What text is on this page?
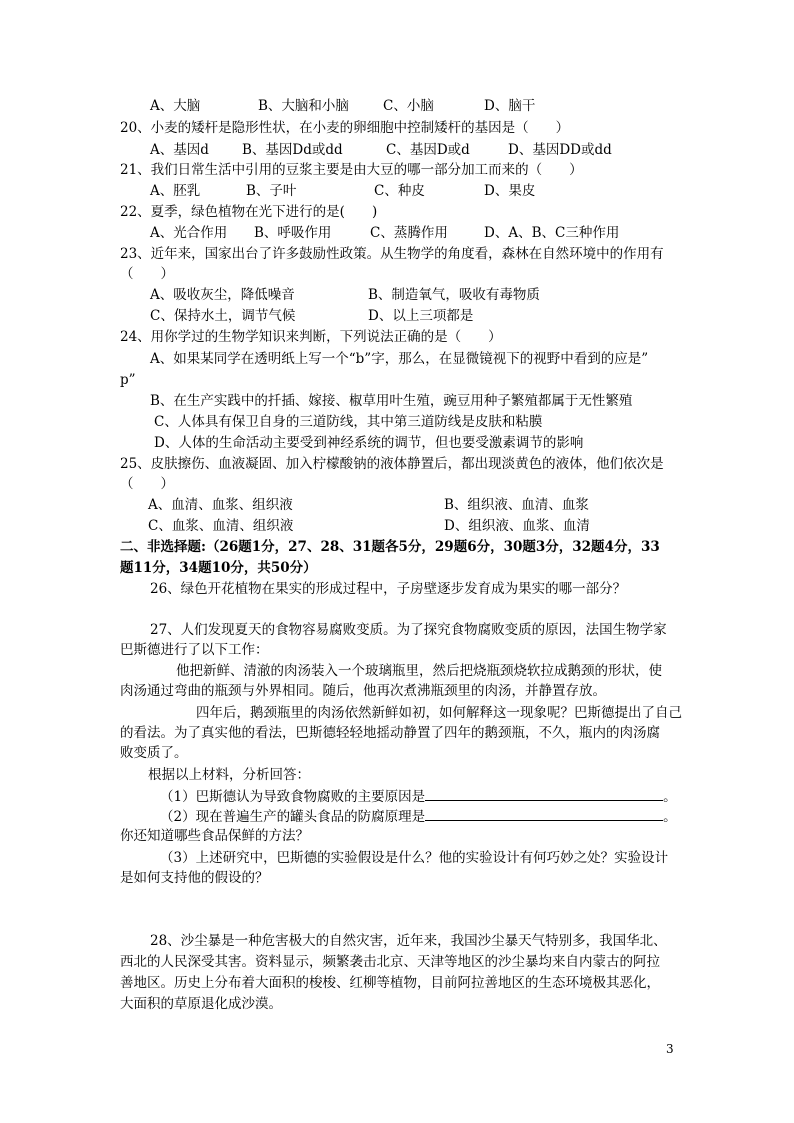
A、大脑	B、大脑和小脑	C、小脑	D、脑干
20、小麦的矮杆是隐形性状，在小麦的卵细胞中控制矮杆的基因是（　　）
A、基因d B、基因Dd或dd	C、基因D或d	D、基因DD或dd
21、我们日常生活中引用的豆浆主要是由大豆的哪一部分加工而来的（　　）
A、胚乳	B、子叶	C、种皮	D、果皮
22、夏季，绿色植物在光下进行的是(　　)
A、光合作用 B、呼吸作用	C、蒸腾作用	D、A、B、C三种作用
23、近年来，国家出台了许多鼓励性政策。从生物学的角度看，森林在自然环境中的作用有
（　　）
A、吸收灰尘，降低噪音	B、制造氧气，吸收有毒物质
C、保持水土，调节气候	D、以上三项都是
24、用你学过的生物学知识来判断，下列说法正确的是（　　）
A、如果某同学在透明纸上写一个“b”字，那么，在显微镜视下的视野中看到的应是”
p”
B、在生产实践中的扦插、嫁接、椒草用叶生殖，豌豆用种子繁殖都属于无性繁殖
C、人体具有保卫自身的三道防线，其中第三道防线是皮肤和粘膜
D、人体的生命活动主要受到神经系统的调节，但也要受激素调节的影响
25、皮肤擦伤、血液凝固、加入柠檬酸钠的液体静置后，都出现淡黄色的液体，他们依次是
（　　）
A、血清、血浆、组织液	B、组织液、血清、血浆
C、血浆、血清、组织液	D、组织液、血浆、血清
二、非选择题:（26题1分，27、28、31题各5分，29题6分，30题3分，32题4分，33
题11分，34题10分，共50分）
26、绿色开花植物在果实的形成过程中，子房壁逐步发育成为果实的哪一部分？
27、人们发现夏天的食物容易腐败变质。为了探究食物腐败变质的原因，法国生物学家
巴斯德进行了以下工作：
他把新鲜、清澈的肉汤装入一个玻璃瓶里，然后把烧瓶颈烧软拉成鹅颈的形状，使
肉汤通过弯曲的瓶颈与外界相同。随后，他再次煮沸瓶颈里的肉汤，并静置存放。
四年后，鹅颈瓶里的肉汤依然新鲜如初，如何解释这一现象呢？巴斯德提出了自己
的看法。为了真实他的看法，巴斯德轻轻地摇动静置了四年的鹅颈瓶，不久，瓶内的肉汤腐
败变质了。
根据以上材料，分析回答：
（1）巴斯德认为导致食物腐败的主要原因是	。
（2）现在普遍生产的罐头食品的防腐原理是	。
你还知道哪些食品保鲜的方法？
（3）上述研究中，巴斯德的实验假设是什么？他的实验设计有何巧妙之处？实验设计
是如何支持他的假设的？
28、沙尘暴是一种危害极大的自然灾害，近年来，我国沙尘暴天气特别多，我国华北、
西北的人民深受其害。资料显示，频繁袭击北京、天津等地区的沙尘暴均来自内蒙古的阿拉
善地区。历史上分布着大面积的梭梭、红柳等植物，目前阿拉善地区的生态环境极其恶化，
大面积的草原退化成沙漠。
3
